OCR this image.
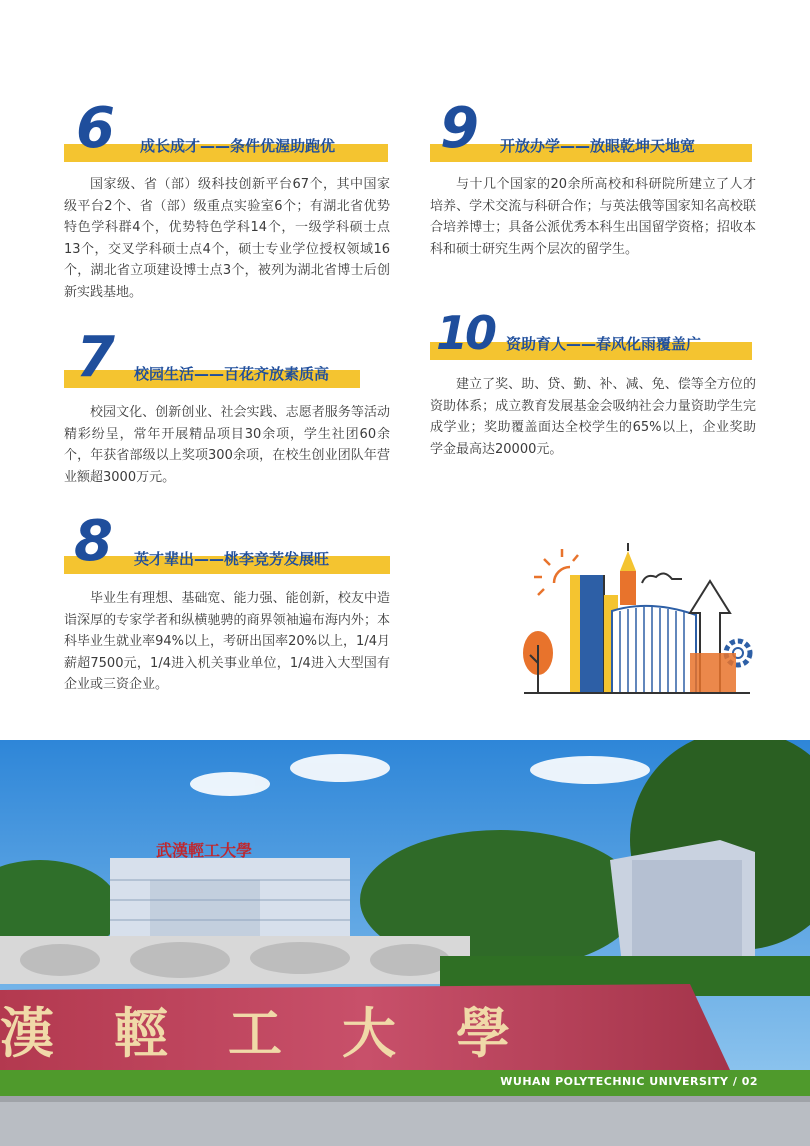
6 成长成才——条件优渥助跑优
国家级、省（部）级科技创新平台67个，其中国家级平台2个、省（部）级重点实验室6个；有湖北省优势特色学科群4个，优势特色学科14个，一级学科硕士点13个，交叉学科硕士点4个，硕士专业学位授权领域16个，湖北省立项建设博士点3个，被列为湖北省博士后创新实践基地。
7 校园生活——百花齐放素质高
校园文化、创新创业、社会实践、志愿者服务等活动精彩纷呈，常年开展精品项目30余项，学生社团60余个，年获省部级以上奖项300余项，在校生创业团队年营业额超3000万元。
8 英才辈出——桃李竞芳发展旺
毕业生有理想、基础宽、能力强、能创新，校友中造诣深厚的专家学者和纵横驰骋的商界领袖遍布海内外；本科毕业生就业率94%以上，考研出国率20%以上，1/4月薪超7500元，1/4进入机关事业单位，1/4进入大型国有企业或三资企业。
9 开放办学——放眼乾坤天地宽
与十几个国家的20余所高校和科研院所建立了人才培养、学术交流与科研合作；与英法俄等国家知名高校联合培养博士；具备公派优秀本科生出国留学资格；招收本科和硕士研究生两个层次的留学生。
10 资助育人——春风化雨覆盖广
建立了奖、助、贷、勤、补、减、免、偿等全方位的资助体系；成立教育发展基金会吸纳社会力量资助学生完成学业；奖助覆盖面达全校学生的65%以上，企业奖助学金最高达20000元。
武漢輕工大學
漢輕工大學
WUHAN POLYTECHNIC UNIVERSITY / 02
